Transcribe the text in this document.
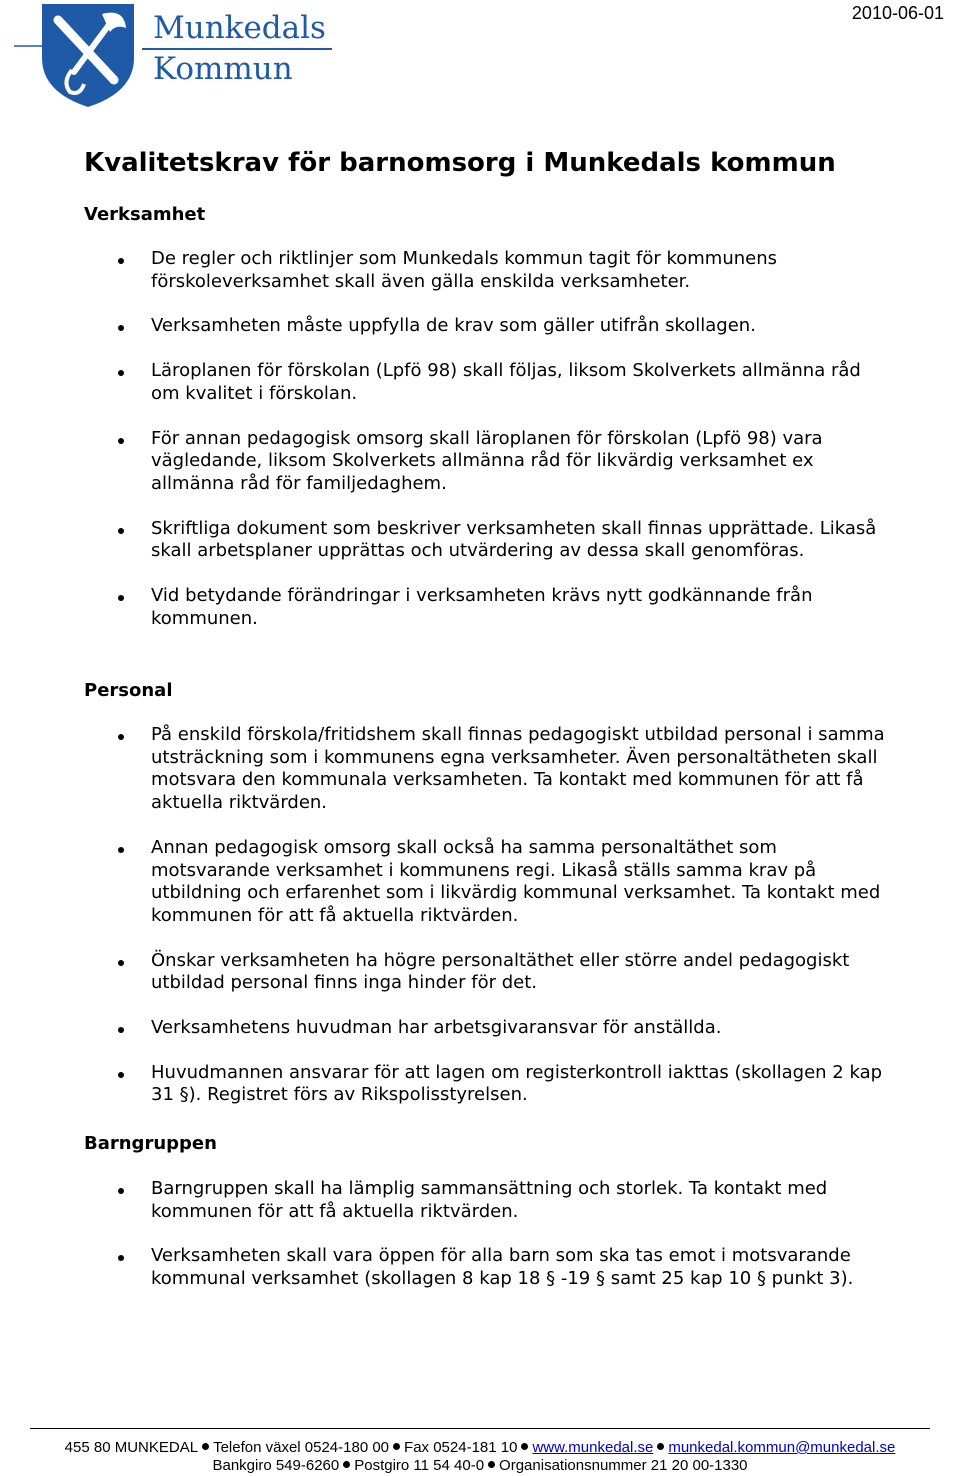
Munkedals
Kommun
2010-06-01
Kvalitetskrav för barnomsorg i Munkedals kommun
Verksamhet
De regler och riktlinjer som Munkedals kommun tagit för kommunens förskoleverksamhet skall även gälla enskilda verksamheter.
Verksamheten måste uppfylla de krav som gäller utifrån skollagen.
Läroplanen för förskolan (Lpfö 98) skall följas, liksom Skolverkets allmänna råd om kvalitet i förskolan.
För annan pedagogisk omsorg skall läroplanen för förskolan (Lpfö 98) vara vägledande, liksom Skolverkets allmänna råd för likvärdig verksamhet ex allmänna råd för familjedaghem.
Skriftliga dokument som beskriver verksamheten skall finnas upprättade. Likaså skall arbetsplaner upprättas och utvärdering av dessa skall genomföras.
Vid betydande förändringar i verksamheten krävs nytt godkännande från kommunen.
Personal
På enskild förskola/fritidshem skall finnas pedagogiskt utbildad personal i samma utsträckning som i kommunens egna verksamheter. Även personaltätheten skall motsvara den kommunala verksamheten. Ta kontakt med kommunen för att få aktuella riktvärden.
Annan pedagogisk omsorg skall också ha samma personaltäthet som motsvarande verksamhet i kommunens regi. Likaså ställs samma krav på utbildning och erfarenhet som i likvärdig kommunal verksamhet. Ta kontakt med kommunen för att få aktuella riktvärden.
Önskar verksamheten ha högre personaltäthet eller större andel pedagogiskt utbildad personal finns inga hinder för det.
Verksamhetens huvudman har arbetsgivaransvar för anställda.
Huvudmannen ansvarar för att lagen om registerkontroll iakttas (skollagen 2 kap 31 §). Registret förs av Rikspolisstyrelsen.
Barngruppen
Barngruppen skall ha lämplig sammansättning och storlek. Ta kontakt med kommunen för att få aktuella riktvärden.
Verksamheten skall vara öppen för alla barn som ska tas emot i motsvarande kommunal verksamhet (skollagen 8 kap 18 § -19 § samt 25 kap 10 § punkt 3).
455 80 MUNKEDAL Telefon växel 0524-180 00 Fax 0524-181 10 www.munkedal.se munkedal.kommun@munkedal.se
Bankgiro 549-6260 Postgiro 11 54 40-0 Organisationsnummer 21 20 00-1330
